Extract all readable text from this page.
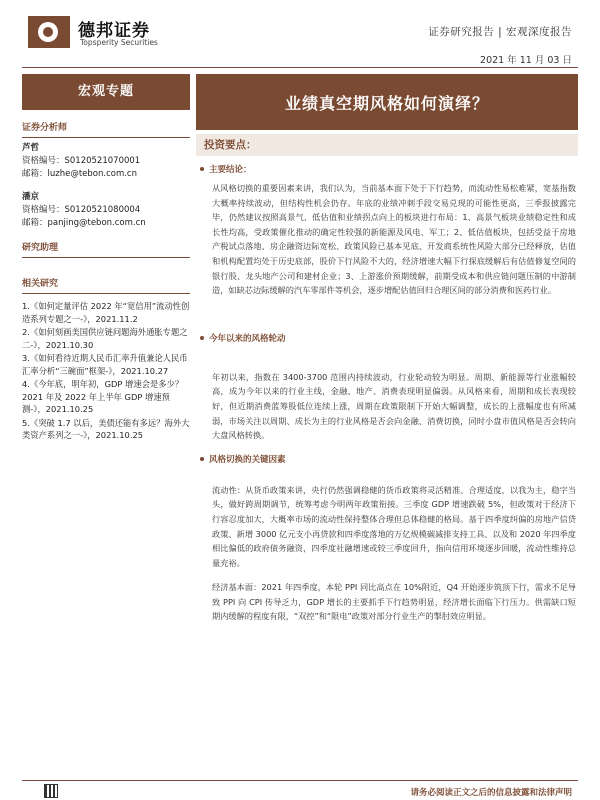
德邦证券
Topsperity Securities
证券研究报告 | 宏观深度报告
2021 年 11 月 03 日
宏观专题
证券分析师
芦哲
资格编号：S0120521070001
邮箱：luzhe@tebon.com.cn
潘京
资格编号：S0120521080004
邮箱：panjing@tebon.com.cn
研究助理
相关研究
1.《如何定量评估 2022 年“宽信用”流动性创造系列专题之一-》，2021.11.2
2.《如何刻画美国供应链问题海外通胀专题之二-》，2021.10.30
3.《如何看待近期人民币汇率升值兼论人民币汇率分析“三碗面”框架-》，2021.10.27
4.《今年底，明年初，GDP 增速会是多少？2021 年及 2022 年上半年 GDP 增速预测-》，2021.10.25
5.《突破 1.7 以后，美债还能有多远？海外大类资产系列之一-》，2021.10.25
业绩真空期风格如何演绎？
投资要点：
主要结论：

从风格切换的重要因素来讲，我们认为，当前基本面下处于下行趋势，而流动性易松难紧，宽基指数大概率持续波动，但结构性机会仍存。年底的业绩冲刺手段交易兑现的可能性更高，三季报披露完毕，仍然建议按照高景气、低估值和业绩拐点向上的板块进行布局：1、高景气板块业绩稳定性和成长性均高，受政策催化推动的确定性较强的新能源及风电、军工；2、低估值板块，包括受益于房地产税试点落地、房企融资边际宽松、政策风险已基本见底、开发商系统性风险大部分已经释放，估值和机构配置均处于历史底部，股价下行风险不大的，经济增速大幅下行探底缓解后有估值修复空间的银行股、龙头地产公司和建材企业；3、上游涨价预期缓解，前期受成本和供应链问题压制的中游制造，如缺芯边际缓解的汽车零部件等机会，逐步增配估值回归合理区间的部分消费和医药行业。

今年以来的风格轮动

年初以来，指数在 3400-3700 范围内持续波动，行业轮动较为明显。周期、新能源等行业涨幅较高，成为今年以来的行业主线，金融、地产、消费表现明显偏弱。从风格来看，周期和成长表现较好，但近期消费蓝筹股低位连续上涨，周期在政策限制下开始大幅调整，成长的上涨幅度也有所减弱，市场关注以周期、成长为主的行业风格是否会向金融、消费切换，同时小盘市值风格是否会转向大盘风格转换。

风格切换的关键因素

流动性：从货币政策来讲，央行仍然强调稳健的货币政策将灵活精准、合理适度，以我为主，稳字当头，做好跨周期调节，统筹考虑今明两年政策衔接。三季度 GDP 增速跌破 5%，但政策对于经济下行容忍度加大，大概率市场的流动性保持整体合理但总体稳健的格局。基于四季度纠偏的房地产信贷政策、新增 3000 亿元支小再贷款和四季度落地的万亿规模碳减排支持工具、以及和 2020 年四季度相比偏低的政府债务融资，四季度社融增速或较三季度回升，指向信用环境逐步回暖，流动性维持总量充裕。

经济基本面：2021 年四季度，本轮 PPI 同比高点在 10%附近，Q4 开始逐步筑顶下行，需求不足导致 PPI 向 CPI 传导乏力，GDP 增长的主要抓手下行趋势明显，经济增长面临下行压力。供需缺口短期内缓解的程度有限，“双控”和“限电”政策对部分行业生产的掣肘效应明显。

请务必阅读正文之后的信息披露和法律声明
